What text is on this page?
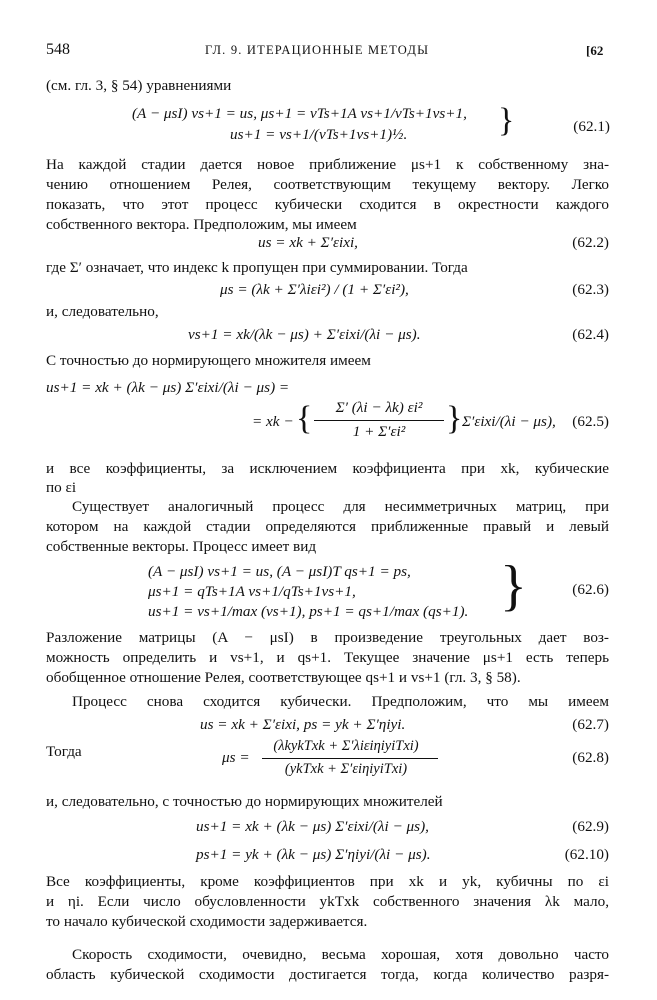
548	ГЛ. 9. ИТЕРАЦИОННЫЕ МЕТОДЫ	[62
(см. гл. 3, § 54) уравнениями
(A − μsI) vs+1 = us, μs+1 = vTs+1A vs+1/vTs+1vs+1,
us+1 = vs+1/(vTs+1vs+1)½.	}	(62.1)
На каждой стадии дается новое приближение μs+1 к собственному зна-
чению отношением Релея, соответствующим текущему вектору. Легко
показать, что этот процесс кубически сходится в окрестности каждого
собственного вектора. Предположим, мы имеем
us = xk + Σ′εixi,	(62.2)
где Σ′ означает, что индекс k пропущен при суммировании. Тогда
μs = (λk + Σ′λiεi²) / (1 + Σ′εi²),	(62.3)
и, следовательно,
vs+1 = xk/(λk − μs) + Σ′εixi/(λi − μs).	(62.4)
С точностью до нормирующего множителя имеем
us+1 = xk + (λk − μs) Σ′εixi/(λi − μs) =
= xk − {	Σ′ (λi − λk) εi²
1 + Σ′εi²	} Σ′εixi/(λi − μs),	(62.5)
и все коэффициенты, за исключением коэффициента при xk, кубические
по εi
Существует аналогичный процесс для несимметричных матриц, при
котором на каждой стадии определяются приближенные правый и левый
собственные векторы. Процесс имеет вид
(A − μsI) vs+1 = us, (A − μsI)T qs+1 = ps,
μs+1 = qTs+1A vs+1/qTs+1vs+1,
us+1 = vs+1/max (vs+1), ps+1 = qs+1/max (qs+1). }	(62.6)
Разложение матрицы (A − μsI) в произведение треугольных дает воз-
можность определить и vs+1, и qs+1. Текущее значение μs+1 есть теперь
обобщенное отношение Релея, соответствующее qs+1 и vs+1 (гл. 3, § 58).
Процесс снова сходится кубически. Предположим, что мы имеем
us = xk + Σ′εixi, ps = yk + Σ′ηiyi.	(62.7)
Тогда	μs =
(λkykTxk + Σ′λiεiηiyiTxi)
(ykTxk + Σ′εiηiyiTxi)
(62.8)
и, следовательно, с точностью до нормирующих множителей
us+1 = xk + (λk − μs) Σ′εixi/(λi − μs),	(62.9)
ps+1 = yk + (λk − μs) Σ′ηiyi/(λi − μs).	(62.10)
Все коэффициенты, кроме коэффициентов при xk и yk, кубичны по εi
и ηi. Если число обусловленности ykTxk собственного значения λk мало,
то начало кубической сходимости задерживается.
Скорость сходимости, очевидно, весьма хорошая, хотя довольно часто
область кубической сходимости достигается тогда, когда количество разря-
